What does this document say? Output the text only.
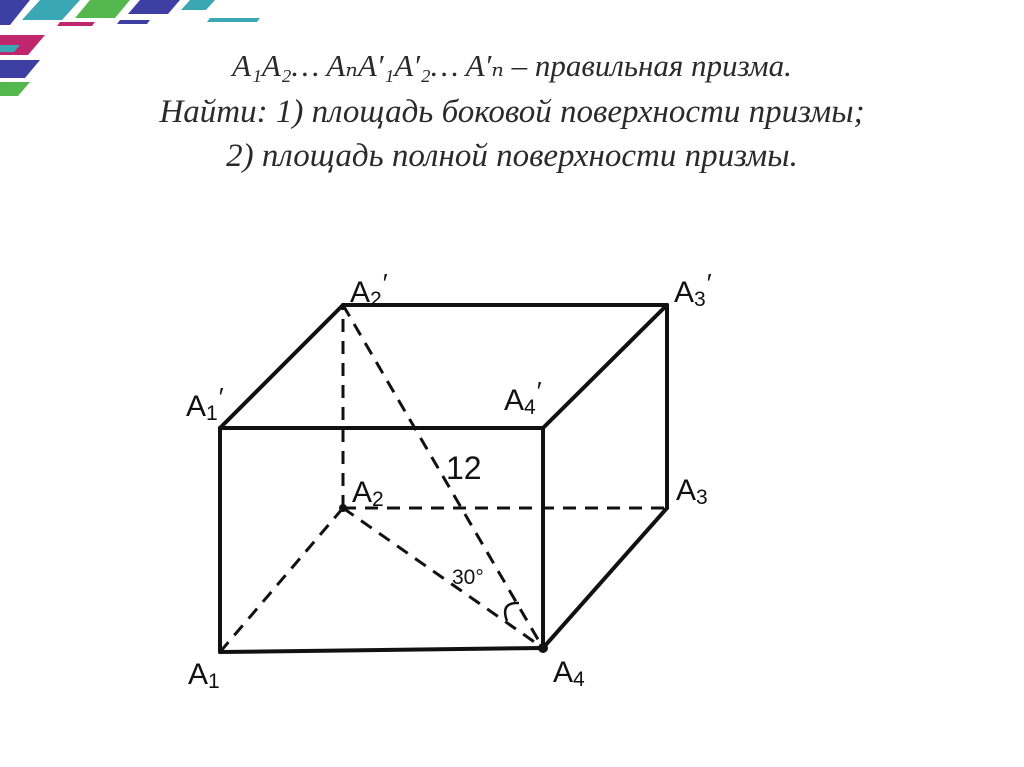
A₁A₂… AₙA′₁A′₂… A′ₙ – правильная призма.
Найти: 1) площадь боковой поверхности призмы;
2) площадь полной поверхности призмы.
$A_1'$
$A_2'$	$A_3'$
$A_4'$
$A_2$	$A_3$
$A_1$	$A_4$
12
30°
